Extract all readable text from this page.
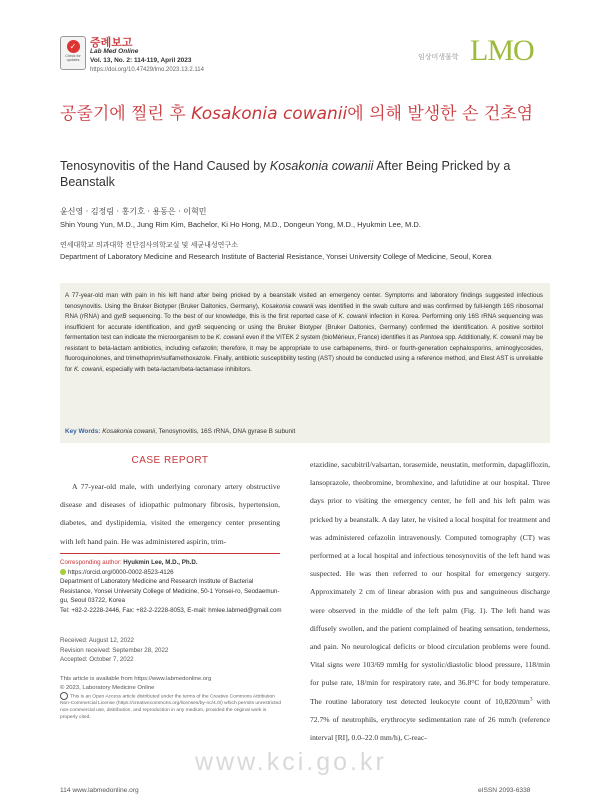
✓
Check for updates
증례보고
Lab Med Online
Vol. 13, No. 2: 114-119, April 2023
https://doi.org/10.47429/lmo.2023.13.2.114
임상미생물학 LMO
공줄기에 찔린 후 Kosakonia cowanii에 의해 발생한 손 건초염
Tenosynovitis of the Hand Caused by Kosakonia cowanii After Being Pricked by a Beanstalk
윤신영 · 김정림 · 홍기호 · 용동은 · 이혁민
Shin Young Yun, M.D., Jung Rim Kim, Bachelor, Ki Ho Hong, M.D., Dongeun Yong, M.D., Hyukmin Lee, M.D.
연세대학교 의과대학 진단검사의학교실 및 세균내성연구소
Department of Laboratory Medicine and Research Institute of Bacterial Resistance, Yonsei University College of Medicine, Seoul, Korea
A 77-year-old man with pain in his left hand after being pricked by a beanstalk visited an emergency center. Symptoms and laboratory findings suggested infectious tenosynovitis. Using the Bruker Biotyper (Bruker Daltonics, Germany), Kosakonia cowanii was identified in the swab culture and was confirmed by full-length 16S ribosomal RNA (rRNA) and gyrB sequencing. To the best of our knowledge, this is the first reported case of K. cowanii infection in Korea. Performing only 16S rRNA sequencing was insufficient for accurate identification, and gyrB sequencing or using the Bruker Biotyper (Bruker Daltonics, Germany) confirmed the identification. A positive sorbitol fermentation test can indicate the microorganism to be K. cowanii even if the VITEK 2 system (bioMérieux, France) identifies it as Pantoea spp. Additionally, K. cowanii may be resistant to beta-lactam antibiotics, including cefazolin; therefore, it may be appropriate to use carbapenems, third- or fourth-generation cephalosporins, aminoglycosides, fluoroquinolones, and trimethoprim/sulfamethoxazole. Finally, antibiotic susceptibility testing (AST) should be conducted using a reference method, and Etest AST is unreliable for K. cowanii, especially with beta-lactam/beta-lactamase inhibitors.
Key Words: Kosakonia cowanii, Tenosynovitis, 16S rRNA, DNA gyrase B subunit
CASE REPORT
A 77-year-old male, with underlying coronary artery obstructive disease and diseases of idiopathic pulmonary fibrosis, hypertension, diabetes, and dyslipidemia, visited the emergency center presenting with left hand pain. He was administered aspirin, trim-
etazidine, sacubitril/valsartan, torasemide, neustatin, metformin, dapagliflozin, lansoprazole, theobromine, bromhexine, and lafutidine at our hospital. Three days prior to visiting the emergency center, he fell and his left palm was pricked by a beanstalk. A day later, he visited a local hospital for treatment and was administered cefazolin intravenously. Computed tomography (CT) was performed at a local hospital and infectious tenosynovitis of the left hand was suspected. He was then referred to our hospital for emergency surgery. Approximately 2 cm of linear abrasion with pus and sanguineous discharge were observed in the middle of the left palm (Fig. 1). The left hand was diffusely swollen, and the patient complained of heating sensation, tenderness, and pain. No neurological deficits or blood circulation problems were found. Vital signs were 103/69 mmHg for systolic/diastolic blood pressure, 118/min for pulse rate, 18/min for respiratory rate, and 36.8°C for body temperature. The routine laboratory test detected leukocyte count of $10,820/mm^3$ with 72.7% of neutrophils, erythrocyte sedimentation rate of 26 mm/h (reference interval [RI], 0.0–22.0 mm/h), C-reac-
Corresponding author: Hyukmin Lee, M.D., Ph.D.
https://orcid.org/0000-0002-8523-4126
Department of Laboratory Medicine and Research Institute of Bacterial Resistance, Yonsei University College of Medicine, 50-1 Yonsei-ro, Seodaemun-gu, Seoul 03722, Korea
Tel: +82-2-2228-2446, Fax: +82-2-2228-8053, E-mail: hmlee.labmed@gmail.com
Received: August 12, 2022
Revision received: September 28, 2022
Accepted: October 7, 2022
This article is available from https://www.labmedonline.org
© 2023, Laboratory Medicine Online
This is an Open Access article distributed under the terms of the Creative Commons Attribution Non-Commercial License (https://creativecommons.org/licenses/by-nc/4.0/) which permits unrestricted non-commercial use, distribution, and reproduction in any medium, provided the original work is properly cited.
www.kci.go.kr
114 www.labmedonline.org	eISSN 2093-6338
